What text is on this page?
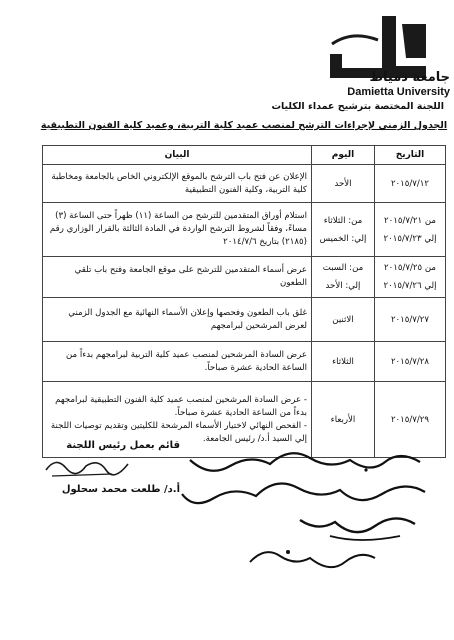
جامعة دمياط
Damietta University
اللجنة المختصة بترشيح عمداء الكليات
الجدول الزمني لإجراءات الترشح لمنصب عميد كلية التربية، وعميد كلية الفنون التطبيقية
التاريخ	اليوم	البيان
٢٠١٥/٧/١٢	الأحد	الإعلان عن فتح باب الترشح بالموقع الإلكتروني الخاص بالجامعة ومخاطبة كلية التربية، وكلية الفنون التطبيقية
من ٢٠١٥/٧/٢١ إلي ٢٠١٥/٧/٢٣	من: الثلاثاء إلي: الخميس	استلام أوراق المتقدمين للترشح من الساعة (١١) ظهراً حتى الساعة (٣) مساءً، وفقاً لشروط الترشح الواردة في المادة الثالثة بالقرار الوزاري رقم (٢١٨٥) بتاريخ ٢٠١٤/٧/٦
من ٢٠١٥/٧/٢٥ إلي ٢٠١٥/٧/٢٦	من: السبت إلي: الأحد	عرض أسماء المتقدمين للترشح على موقع الجامعة وفتح باب تلقي الطعون
٢٠١٥/٧/٢٧	الاثنين	غلق باب الطعون وفحصها وإعلان الأسماء النهائية مع الجدول الزمني لعرض المرشحين لبرامجهم
٢٠١٥/٧/٢٨	الثلاثاء	عرض السادة المرشحين لمنصب عميد كلية التربية لبرامجهم بدءاً من الساعة الحادية عشرة صباحاً.
٢٠١٥/٧/٢٩	الأربعاء	- عرض السادة المرشحين لمنصب عميد كلية الفنون التطبيقية لبرامجهم بدءاً من الساعة الحادية عشرة صباحاً.
- الفحص النهائي لاختيار الأسماء المرشحة للكليتين وتقديم توصيات اللجنة إلي السيد أ.د/ رئيس الجامعة.
قائم بعمل رئيس اللجنة
أ.د/ طلعت محمد سحلول
